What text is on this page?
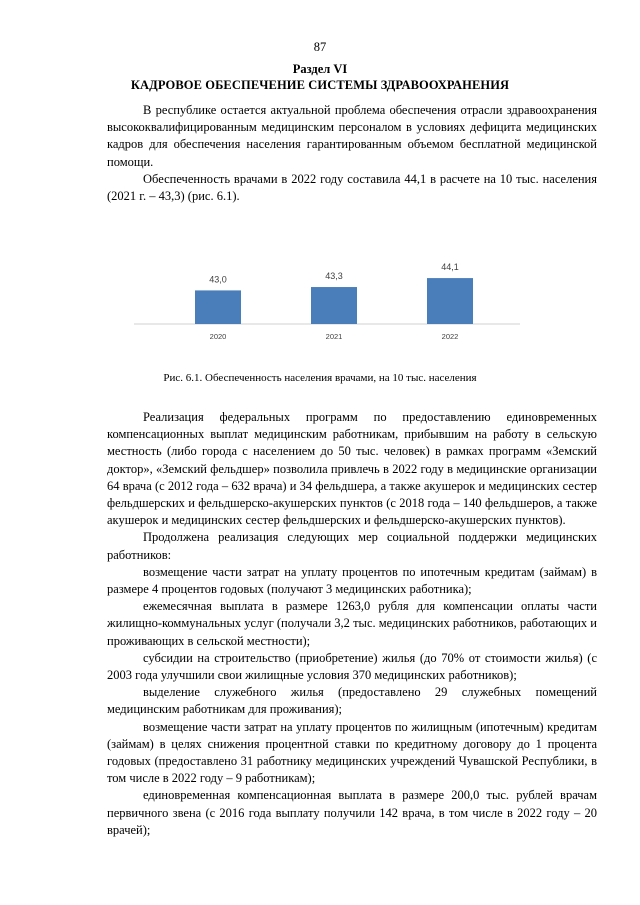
87
Раздел VI
КАДРОВОЕ ОБЕСПЕЧЕНИЕ СИСТЕМЫ ЗДРАВООХРАНЕНИЯ

В республике остается актуальной проблема обеспечения отрасли здравоохранения высококвалифицированным медицинским персоналом в условиях дефицита медицинских кадров для обеспечения населения гарантированным объемом бесплатной медицинской помощи.

Обеспеченность врачами в 2022 году составила 44,1 в расчете на 10 тыс. населения (2021 г. – 43,3) (рис. 6.1).

43,0
2020
43,3
2021
44,1
2022
Рис. 6.1. Обеспеченность населения врачами, на 10 тыс. населения

Реализация федеральных программ по предоставлению единовременных компенсационных выплат медицинским работникам, прибывшим на работу в сельскую местность (либо города с населением до 50 тыс. человек) в рамках программ «Земский доктор», «Земский фельдшер» позволила привлечь в 2022 году в медицинские организации 64 врача (с 2012 года – 632 врача) и 34 фельдшера, а также акушерок и медицинских сестер фельдшерских и фельдшерско-акушерских пунктов (с 2018 года – 140 фельдшеров, а также акушерок и медицинских сестер фельдшерских и фельдшерско-акушерских пунктов).

Продолжена реализация следующих мер социальной поддержки медицинских работников:

возмещение части затрат на уплату процентов по ипотечным кредитам (займам) в размере 4 процентов годовых (получают 3 медицинских работника);

ежемесячная выплата в размере 1263,0 рубля для компенсации оплаты части жилищно-коммунальных услуг (получали 3,2 тыс. медицинских работников, работающих и проживающих в сельской местности);

субсидии на строительство (приобретение) жилья (до 70% от стоимости жилья) (с 2003 года улучшили свои жилищные условия 370 медицинских работников);

выделение служебного жилья (предоставлено 29 служебных помещений медицинским работникам для проживания);

возмещение части затрат на уплату процентов по жилищным (ипотечным) кредитам (займам) в целях снижения процентной ставки по кредитному договору до 1 процента годовых (предоставлено 31 работнику медицинских учреждений Чувашской Республики, в том числе в 2022 году – 9 работникам);

единовременная компенсационная выплата в размере 200,0 тыс. рублей врачам первичного звена (с 2016 года выплату получили 142 врача, в том числе в 2022 году – 20 врачей);
